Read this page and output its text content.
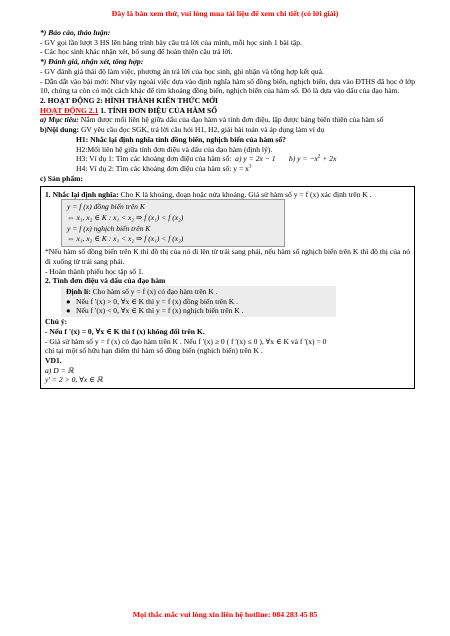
Đây là bản xem thử, vui lòng mua tài liệu để xem chi tiết (có lời giải)

*) Báo cáo, thảo luận:

- GV gọi lần lượt 3 HS lên bảng trình bày câu trả lời của mình, mỗi học sinh 1 bài tập.

- Các học sinh khác nhận xét, bổ sung để hoàn thiện câu trả lời.

*) Đánh giá, nhận xét, tổng hợp:

- GV đánh giá thái độ làm việc, phương án trả lời của học sinh, ghi nhận và tổng hợp kết quả.

- Dẫn dắt vào bài mới: Như vậy ngoài việc dựa vào định nghĩa hàm số đồng biến, nghịch biến, dựa vào ĐTHS đã học ở lớp 10, chúng ta còn có một cách khác để tìm khoảng đồng biến, nghịch biến của hàm số. Đó là dựa vào dấu của đạo hàm.

2. HOẠT ĐỘNG 2: HÌNH THÀNH KIẾN THỨC MỚI

HOẠT ĐỘNG 2.1 1. TÍNH ĐƠN ĐIỆU CỦA HÀM SỐ

a) Mục tiêu: Nắm được mối liên hệ giữa dấu của đạo hàm và tính đơn điệu, lập được bảng biến thiên của hàm số

b)Nội dung: GV yêu cầu đọc SGK, trả lời câu hỏi H1, H2, giải bài toán và áp dụng làm ví dụ

H1: Nhắc lại định nghĩa tính đồng biến, nghịch biến của hàm số?

H2:Mối liên hệ giữa tính đơn điệu và dấu của đạo hàm (định lý).

H3: Ví dụ 1: Tìm các khoảng đơn điệu của hàm số: a) y = 2x − 1 b) $y = -x^2 + 2x$

H4: Ví dụ 2: Tìm các khoảng đơn điệu của hàm số: $y = x^3$

c) Sản phẩm:

1. Nhắc lại định nghĩa: Cho K là khoảng, đoạn hoặc nửa khoảng. Giả sử hàm số y = f (x) xác định trên K .

y = f (x) đồng biến trên K

⇔ x₁, x₂ ∈ K : x₁ < x₂ ⇒ f (x₁) < f (x₂)

y = f (x) nghịch biến trên K

⇔ x₁, x₂ ∈ K : x₁ < x₂ ⇒ f (x₁) < f (x₂)

*Nếu hàm số đồng biến trên K thì đồ thị của nó đi lên từ trái sang phải, nếu hàm số nghịch biến trên K thì đồ thị của nó đi xuống từ trái sang phải.

- Hoàn thành phiếu học tập số 1.

2. Tính đơn điệu và dấu của đạo hàm

Định lí: Cho hàm số y = f (x) có đạo hàm trên K .

● Nếu f '(x) > 0, ∀x ∈ K thì y = f (x) đồng biến trên K .

● Nếu f '(x) < 0, ∀x ∈ K thì y = f (x) nghịch biến trên K .

Chú ý:

- Nếu f '(x) = 0, ∀x ∈ K thì f (x) không đổi trên K.

- Giả sử hàm số y = f (x) có đạo hàm trên K . Nếu f '(x) ≥ 0 ( f '(x) ≤ 0 ), ∀x ∈ K và f '(x) = 0

chỉ tại một số hữu hạn điểm thì hàm số đồng biến (nghịch biến) trên K .

VD1.

a) D = ℝ

y' = 2 > 0, ∀x ∈ ℝ

Mọi thắc mắc vui lòng xin liên hệ hotline: 084 283 45 85
